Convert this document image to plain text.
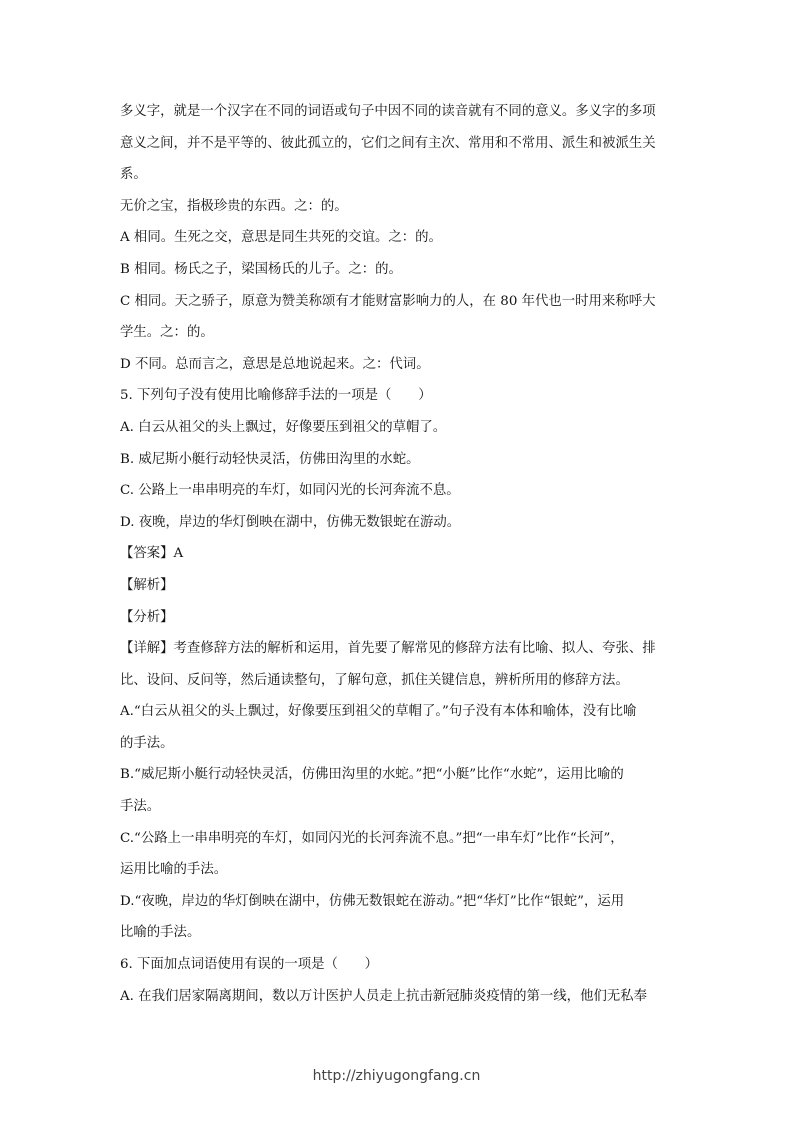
多义字，就是一个汉字在不同的词语或句子中因不同的读音就有不同的意义。多义字的多项
意义之间，并不是平等的、彼此孤立的，它们之间有主次、常用和不常用、派生和被派生关
系。
无价之宝，指极珍贵的东西。之：的。
A 相同。生死之交，意思是同生共死的交谊。之：的。
B 相同。杨氏之子，梁国杨氏的儿子。之：的。
C 相同。天之骄子，原意为赞美称颂有才能财富影响力的人，在 80 年代也一时用来称呼大
学生。之：的。
D 不同。总而言之，意思是总地说起来。之：代词。
5. 下列句子没有使用比喻修辞手法的一项是（　　）
A. 白云从祖父的头上飘过，好像要压到祖父的草帽了。
B. 威尼斯小艇行动轻快灵活，仿佛田沟里的水蛇。
C. 公路上一串串明亮的车灯，如同闪光的长河奔流不息。
D. 夜晚，岸边的华灯倒映在湖中，仿佛无数银蛇在游动。
【答案】A
【解析】
【分析】
【详解】考查修辞方法的解析和运用，首先要了解常见的修辞方法有比喻、拟人、夸张、排
比、设问、反问等，然后通读整句，了解句意，抓住关键信息，辨析所用的修辞方法。
A.“白云从祖父的头上飘过，好像要压到祖父的草帽了。”句子没有本体和喻体，没有比喻
的手法。
B.“威尼斯小艇行动轻快灵活，仿佛田沟里的水蛇。”把“小艇”比作“水蛇”，运用比喻的
手法。
C.“公路上一串串明亮的车灯，如同闪光的长河奔流不息。”把“一串车灯”比作“长河”，
运用比喻的手法。
D.“夜晚，岸边的华灯倒映在湖中，仿佛无数银蛇在游动。”把“华灯”比作“银蛇”，运用
比喻的手法。
6. 下面加点词语使用有误的一项是（　　）
A. 在我们居家隔离期间，数以万计医护人员走上抗击新冠肺炎疫情的第一线，他们无私奉
http://zhiyugongfang.cn
